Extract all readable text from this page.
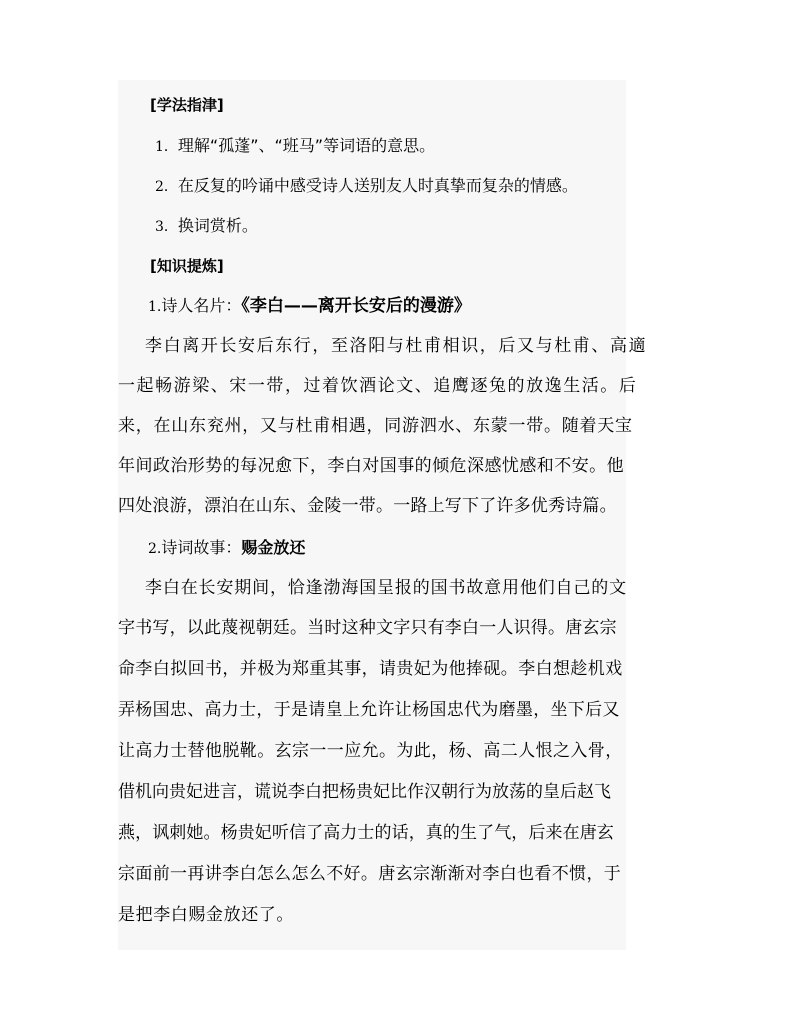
[学法指津]
1．理解“孤蓬”、“班马”等词语的意思。
2．在反复的吟诵中感受诗人送别友人时真挚而复杂的情感。
3．换词赏析。
[知识提炼]
1.诗人名片：《李白——离开长安后的漫游》
李白离开长安后东行，至洛阳与杜甫相识，后又与杜甫、高適
一起畅游梁、宋一带，过着饮酒论文、追鹰逐兔的放逸生活。后
来，在山东兖州，又与杜甫相遇，同游泗水、东蒙一带。随着天宝
年间政治形势的每况愈下，李白对国事的倾危深感忧感和不安。他
四处浪游，漂泊在山东、金陵一带。一路上写下了许多优秀诗篇。
2.诗词故事：赐金放还
李白在长安期间，恰逢渤海国呈报的国书故意用他们自己的文
字书写，以此蔑视朝廷。当时这种文字只有李白一人识得。唐玄宗
命李白拟回书，并极为郑重其事，请贵妃为他捧砚。李白想趁机戏
弄杨国忠、高力士，于是请皇上允许让杨国忠代为磨墨，坐下后又
让高力士替他脱靴。玄宗一一应允。为此，杨、高二人恨之入骨，
借机向贵妃进言，谎说李白把杨贵妃比作汉朝行为放荡的皇后赵飞
燕，讽刺她。杨贵妃听信了高力士的话，真的生了气，后来在唐玄
宗面前一再讲李白怎么怎么不好。唐玄宗渐渐对李白也看不惯，于
是把李白赐金放还了。
